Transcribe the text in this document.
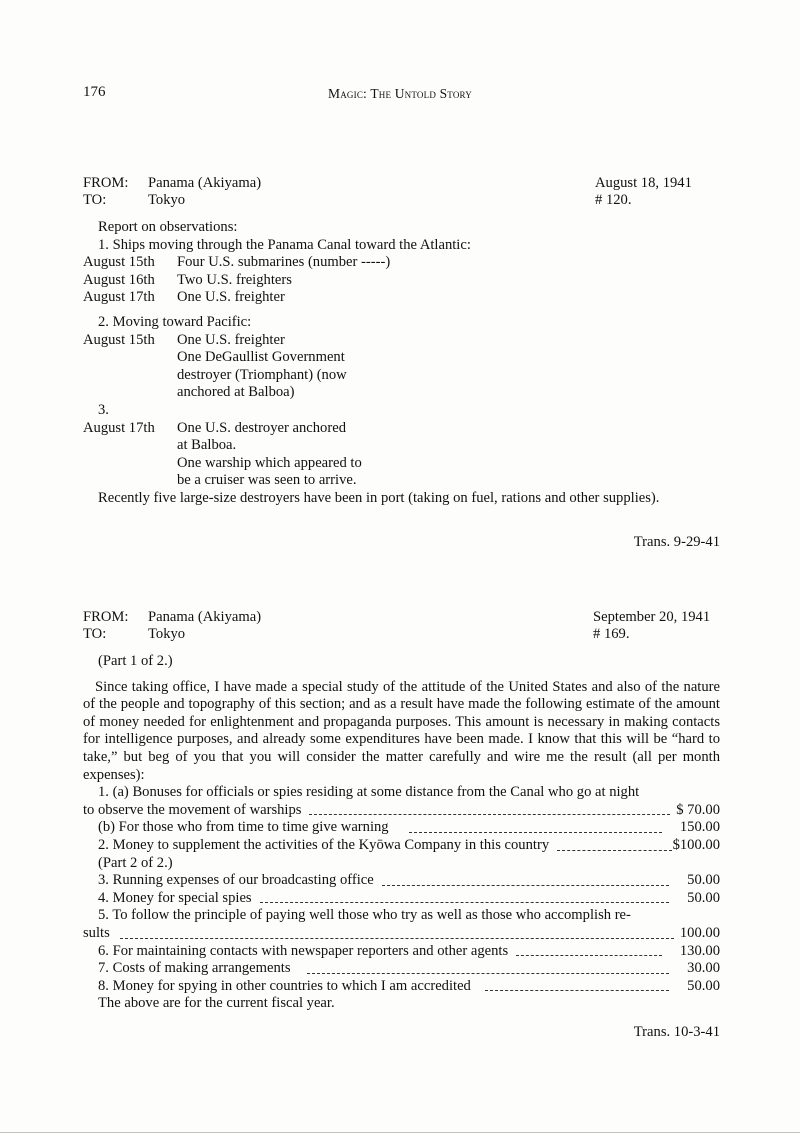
176	Magic: The Untold Story
FROM: Panama (Akiyama)	August 18, 1941
TO:	Tokyo	# 120.
Report on observations:
1. Ships moving through the Panama Canal toward the Atlantic:
August 15th	Four U.S. submarines (number -----)
August 16th	Two U.S. freighters
August 17th	One U.S. freighter
2. Moving toward Pacific:
August 15th	One U.S. freighter
One DeGaullist Government
destroyer (Triomphant) (now
anchored at Balboa)
3.
August 17th	One U.S. destroyer anchored
at Balboa.
One warship which appeared to
be a cruiser was seen to arrive.
Recently five large-size destroyers have been in port (taking on fuel, rations and other supplies).
Trans. 9-29-41
FROM: Panama (Akiyama)	September 20, 1941
TO:	Tokyo	# 169.
(Part 1 of 2.)
Since taking office, I have made a special study of the attitude of the United States and also of the nature of the people and topography of this section; and as a result have made the following estimate of the amount of money needed for enlightenment and propaganda purposes. This amount is necessary in making contacts for intelligence purposes, and already some expenditures have been made. I know that this will be “hard to take,” but beg of you that you will consider the matter carefully and wire me the result (all per month expenses):
1. (a) Bonuses for officials or spies residing at some distance from the Canal who go at night
to observe the movement of warships	$ 70.00
(b) For those who from time to time give warning	150.00
2. Money to supplement the activities of the Kyōwa Company in this country	$100.00
(Part 2 of 2.)
3. Running expenses of our broadcasting office	50.00
4. Money for special spies	50.00
5. To follow the principle of paying well those who try as well as those who accomplish re-
sults	100.00
6. For maintaining contacts with newspaper reporters and other agents	130.00
7. Costs of making arrangements	30.00
8. Money for spying in other countries to which I am accredited	50.00
The above are for the current fiscal year.
Trans. 10-3-41
